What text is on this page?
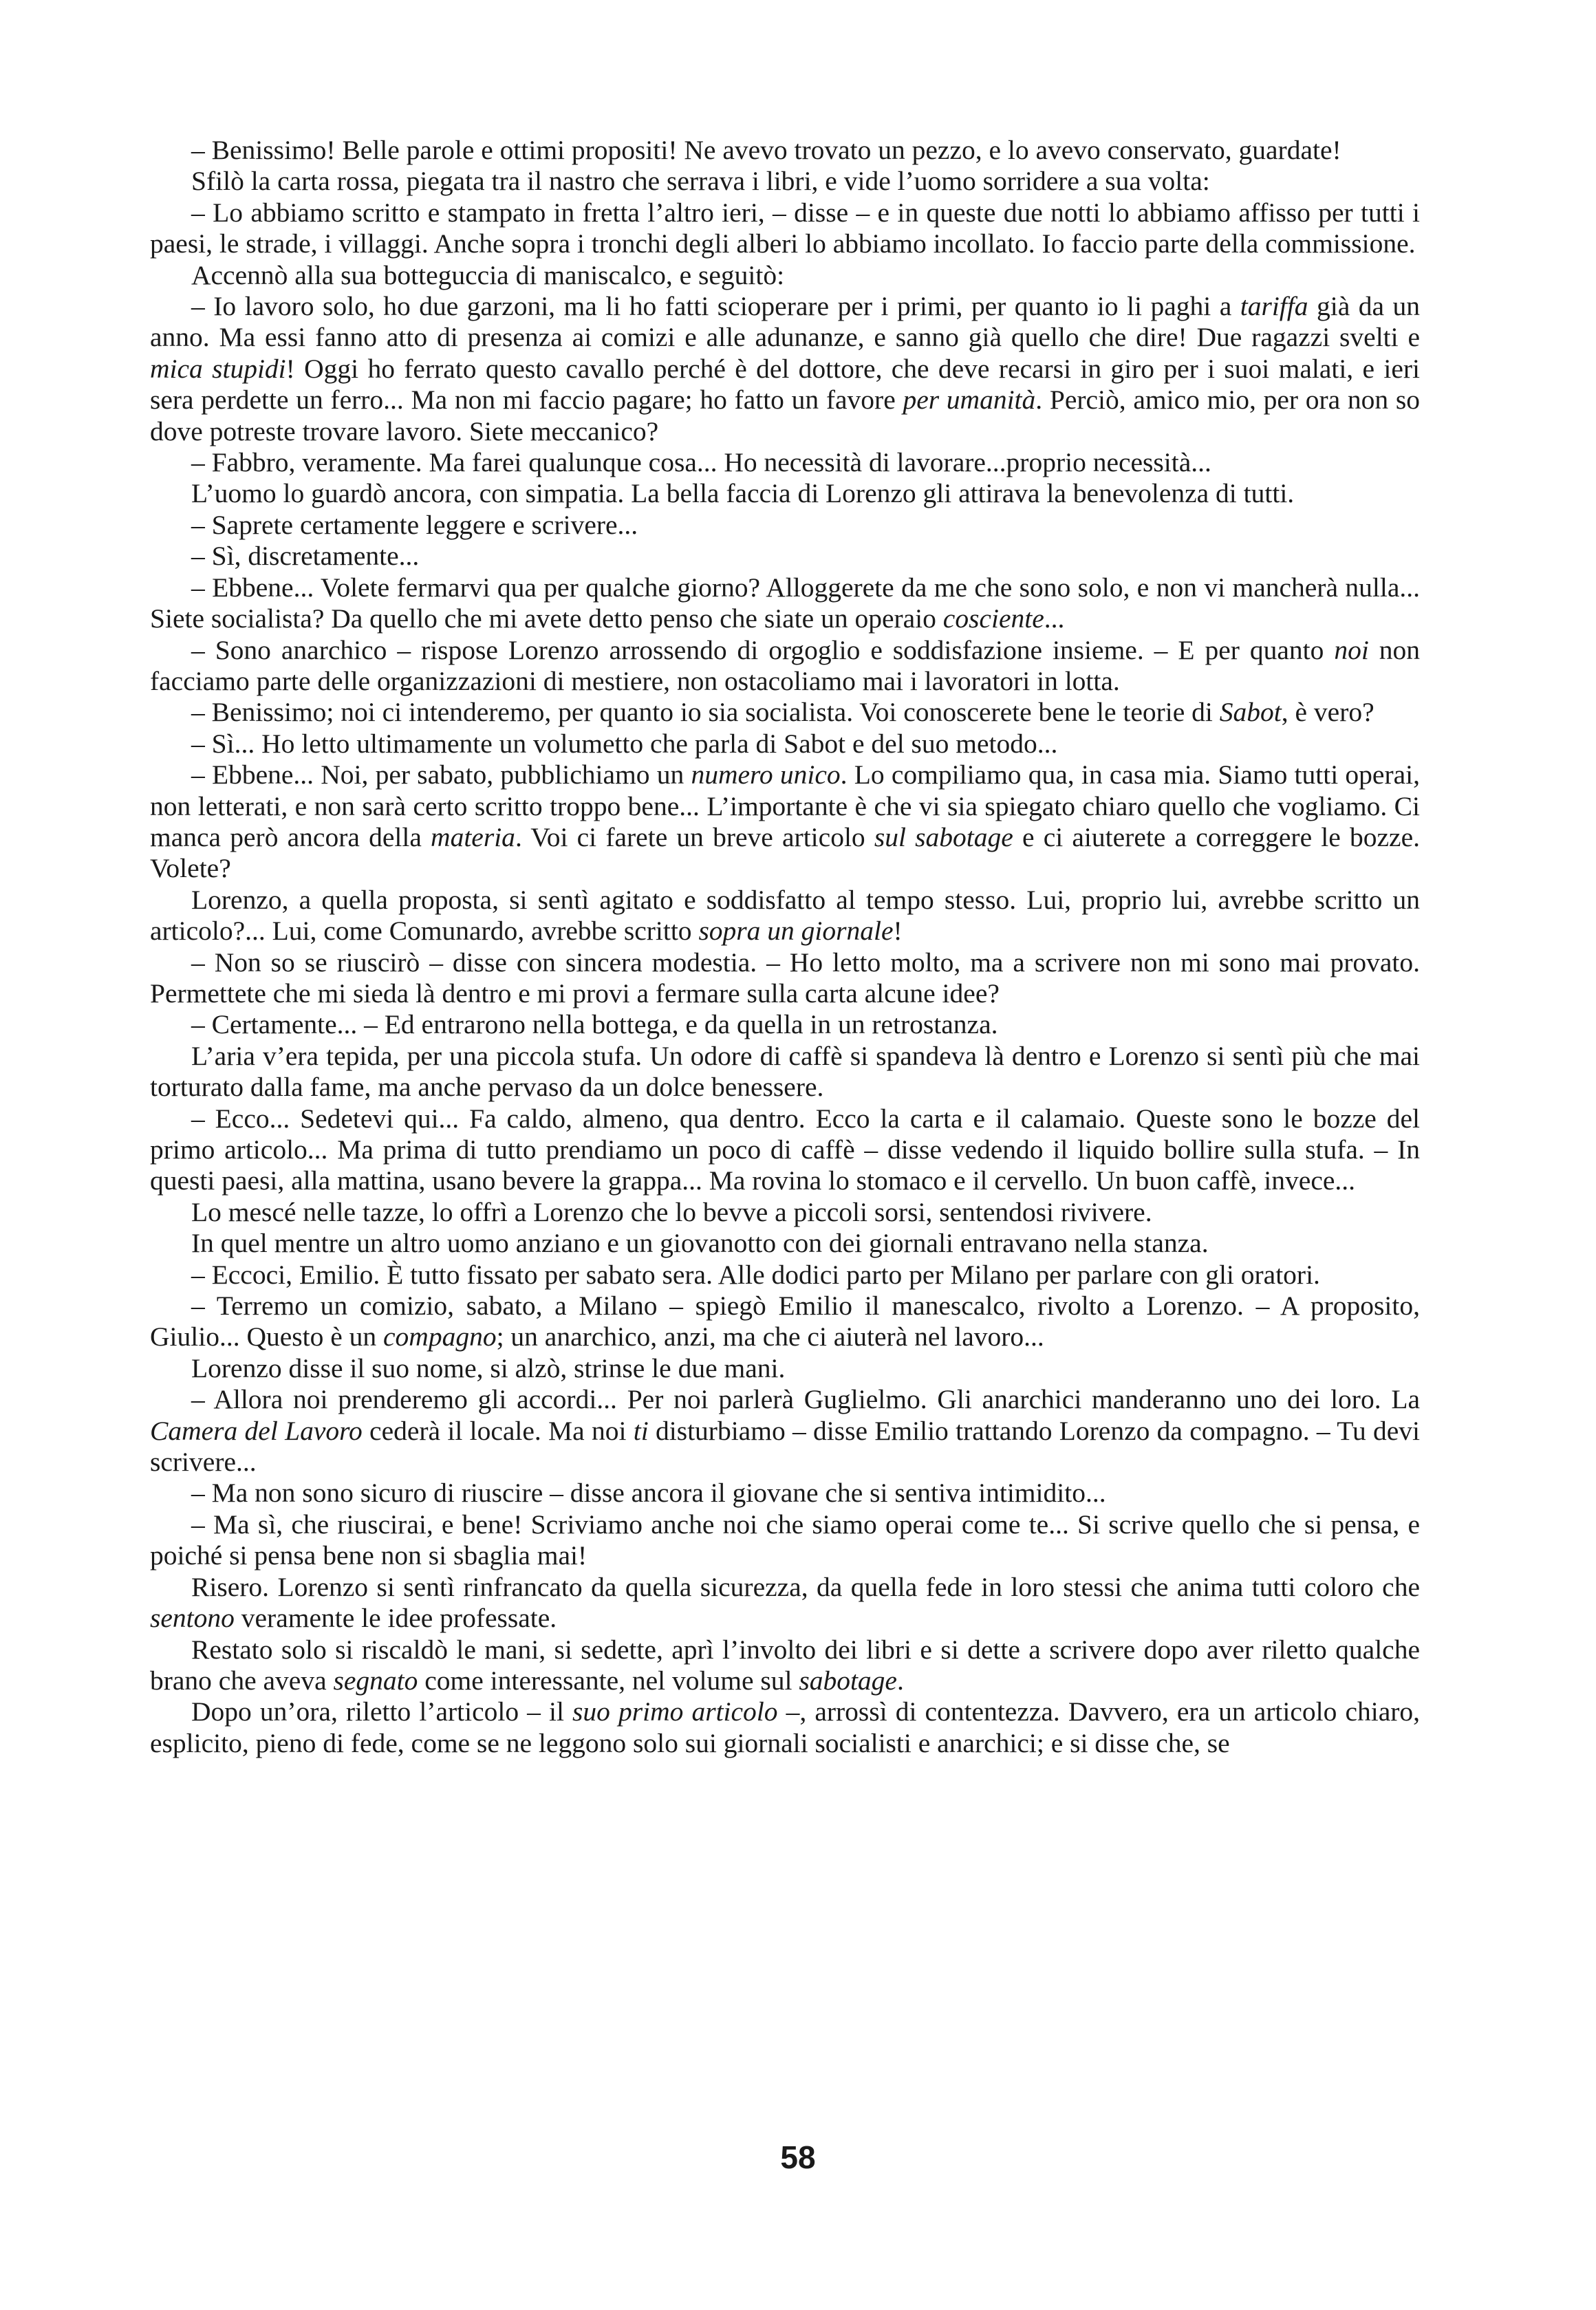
– Benissimo! Belle parole e ottimi propositi! Ne avevo trovato un pezzo, e lo avevo conservato, guardate!

Sfilò la carta rossa, piegata tra il nastro che serrava i libri, e vide l’uomo sorridere a sua volta:

– Lo abbiamo scritto e stampato in fretta l’altro ieri, – disse – e in queste due notti lo abbiamo affisso per tutti i paesi, le strade, i villaggi. Anche sopra i tronchi degli alberi lo abbiamo incollato. Io faccio parte della commissione.

Accennò alla sua botteguccia di maniscalco, e seguitò:

– Io lavoro solo, ho due garzoni, ma li ho fatti scioperare per i primi, per quanto io li paghi a tariffa già da un anno. Ma essi fanno atto di presenza ai comizi e alle adunanze, e sanno già quello che dire! Due ragazzi svelti e mica stupidi! Oggi ho ferrato questo cavallo perché è del dottore, che deve recarsi in giro per i suoi malati, e ieri sera perdette un ferro... Ma non mi faccio pagare; ho fatto un favore per umanità. Perciò, amico mio, per ora non so dove potreste trovare lavoro. Siete meccanico?

– Fabbro, veramente. Ma farei qualunque cosa... Ho necessità di lavorare...proprio necessità...

L’uomo lo guardò ancora, con simpatia. La bella faccia di Lorenzo gli attirava la benevolenza di tutti.

– Saprete certamente leggere e scrivere...

– Sì, discretamente...

– Ebbene... Volete fermarvi qua per qualche giorno? Alloggerete da me che sono solo, e non vi mancherà nulla... Siete socialista? Da quello che mi avete detto penso che siate un operaio cosciente...

– Sono anarchico – rispose Lorenzo arrossendo di orgoglio e soddisfazione insieme. – E per quanto noi non facciamo parte delle organizzazioni di mestiere, non ostacoliamo mai i lavoratori in lotta.

– Benissimo; noi ci intenderemo, per quanto io sia socialista. Voi conoscerete bene le teorie di Sabot, è vero?

– Sì... Ho letto ultimamente un volumetto che parla di Sabot e del suo metodo...

– Ebbene... Noi, per sabato, pubblichiamo un numero unico. Lo compiliamo qua, in casa mia. Siamo tutti operai, non letterati, e non sarà certo scritto troppo bene... L’importante è che vi sia spiegato chiaro quello che vogliamo. Ci manca però ancora della materia. Voi ci farete un breve articolo sul sabotage e ci aiuterete a correggere le bozze. Volete?

Lorenzo, a quella proposta, si sentì agitato e soddisfatto al tempo stesso. Lui, proprio lui, avrebbe scritto un articolo?... Lui, come Comunardo, avrebbe scritto sopra un giornale!

– Non so se riuscirò – disse con sincera modestia. – Ho letto molto, ma a scrivere non mi sono mai provato. Permettete che mi sieda là dentro e mi provi a fermare sulla carta alcune idee?

– Certamente... – Ed entrarono nella bottega, e da quella in un retrostanza.

L’aria v’era tepida, per una piccola stufa. Un odore di caffè si spandeva là dentro e Lorenzo si sentì più che mai torturato dalla fame, ma anche pervaso da un dolce benessere.

– Ecco... Sedetevi qui... Fa caldo, almeno, qua dentro. Ecco la carta e il calamaio. Queste sono le bozze del primo articolo... Ma prima di tutto prendiamo un poco di caffè – disse vedendo il liquido bollire sulla stufa. – In questi paesi, alla mattina, usano bevere la grappa... Ma rovina lo stomaco e il cervello. Un buon caffè, invece...

Lo mescé nelle tazze, lo offrì a Lorenzo che lo bevve a piccoli sorsi, sentendosi rivivere.

In quel mentre un altro uomo anziano e un giovanotto con dei giornali entravano nella stanza.

– Eccoci, Emilio. È tutto fissato per sabato sera. Alle dodici parto per Milano per parlare con gli oratori.

– Terremo un comizio, sabato, a Milano – spiegò Emilio il manescalco, rivolto a Lorenzo. – A proposito, Giulio... Questo è un compagno; un anarchico, anzi, ma che ci aiuterà nel lavoro...

Lorenzo disse il suo nome, si alzò, strinse le due mani.

– Allora noi prenderemo gli accordi... Per noi parlerà Guglielmo. Gli anarchici manderanno uno dei loro. La Camera del Lavoro cederà il locale. Ma noi ti disturbiamo – disse Emilio trattando Lorenzo da compagno. – Tu devi scrivere...

– Ma non sono sicuro di riuscire – disse ancora il giovane che si sentiva intimidito...

– Ma sì, che riuscirai, e bene! Scriviamo anche noi che siamo operai come te... Si scrive quello che si pensa, e poiché si pensa bene non si sbaglia mai!

Risero. Lorenzo si sentì rinfrancato da quella sicurezza, da quella fede in loro stessi che anima tutti coloro che sentono veramente le idee professate.

Restato solo si riscaldò le mani, si sedette, aprì l’involto dei libri e si dette a scrivere dopo aver riletto qualche brano che aveva segnato come interessante, nel volume sul sabotage.

Dopo un’ora, riletto l’articolo – il suo primo articolo –, arrossì di contentezza. Davvero, era un articolo chiaro, esplicito, pieno di fede, come se ne leggono solo sui giornali socialisti e anarchici; e si disse che, se

58
